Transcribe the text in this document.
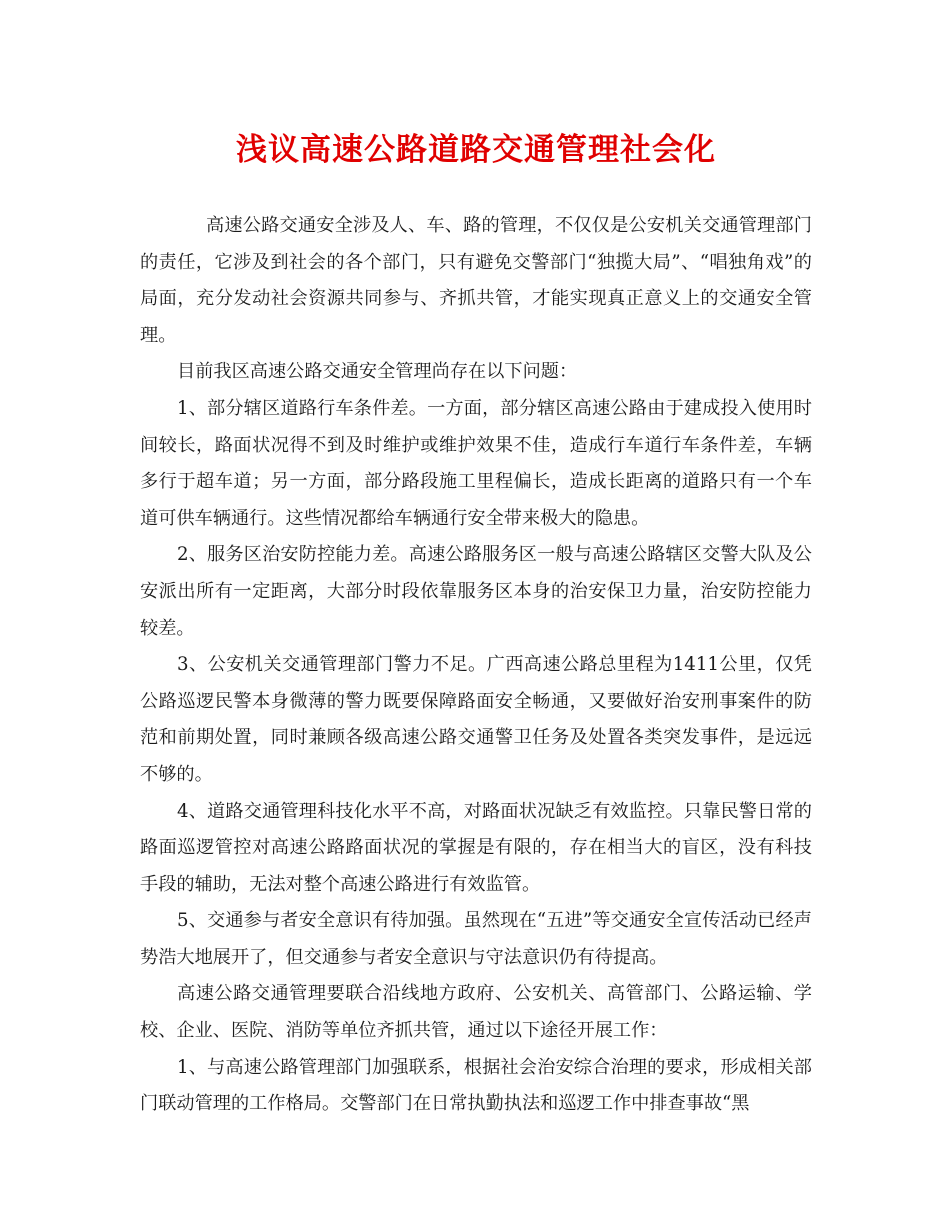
浅议高速公路道路交通管理社会化

高速公路交通安全涉及人、车、路的管理，不仅仅是公安机关交通管理部门的责任，它涉及到社会的各个部门，只有避免交警部门“独揽大局”、“唱独角戏”的局面，充分发动社会资源共同参与、齐抓共管，才能实现真正意义上的交通安全管理。

目前我区高速公路交通安全管理尚存在以下问题：

1、部分辖区道路行车条件差。一方面，部分辖区高速公路由于建成投入使用时间较长，路面状况得不到及时维护或维护效果不佳，造成行车道行车条件差，车辆多行于超车道；另一方面，部分路段施工里程偏长，造成长距离的道路只有一个车道可供车辆通行。这些情况都给车辆通行安全带来极大的隐患。

2、服务区治安防控能力差。高速公路服务区一般与高速公路辖区交警大队及公安派出所有一定距离，大部分时段依靠服务区本身的治安保卫力量，治安防控能力较差。

3、公安机关交通管理部门警力不足。广西高速公路总里程为1411公里，仅凭公路巡逻民警本身微薄的警力既要保障路面安全畅通，又要做好治安刑事案件的防范和前期处置，同时兼顾各级高速公路交通警卫任务及处置各类突发事件，是远远不够的。

4、道路交通管理科技化水平不高，对路面状况缺乏有效监控。只靠民警日常的路面巡逻管控对高速公路路面状况的掌握是有限的，存在相当大的盲区，没有科技手段的辅助，无法对整个高速公路进行有效监管。

5、交通参与者安全意识有待加强。虽然现在“五进”等交通安全宣传活动已经声势浩大地展开了，但交通参与者安全意识与守法意识仍有待提高。

高速公路交通管理要联合沿线地方政府、公安机关、高管部门、公路运输、学校、企业、医院、消防等单位齐抓共管，通过以下途径开展工作：

1、与高速公路管理部门加强联系，根据社会治安综合治理的要求，形成相关部门联动管理的工作格局。交警部门在日常执勤执法和巡逻工作中排查事故“黑
